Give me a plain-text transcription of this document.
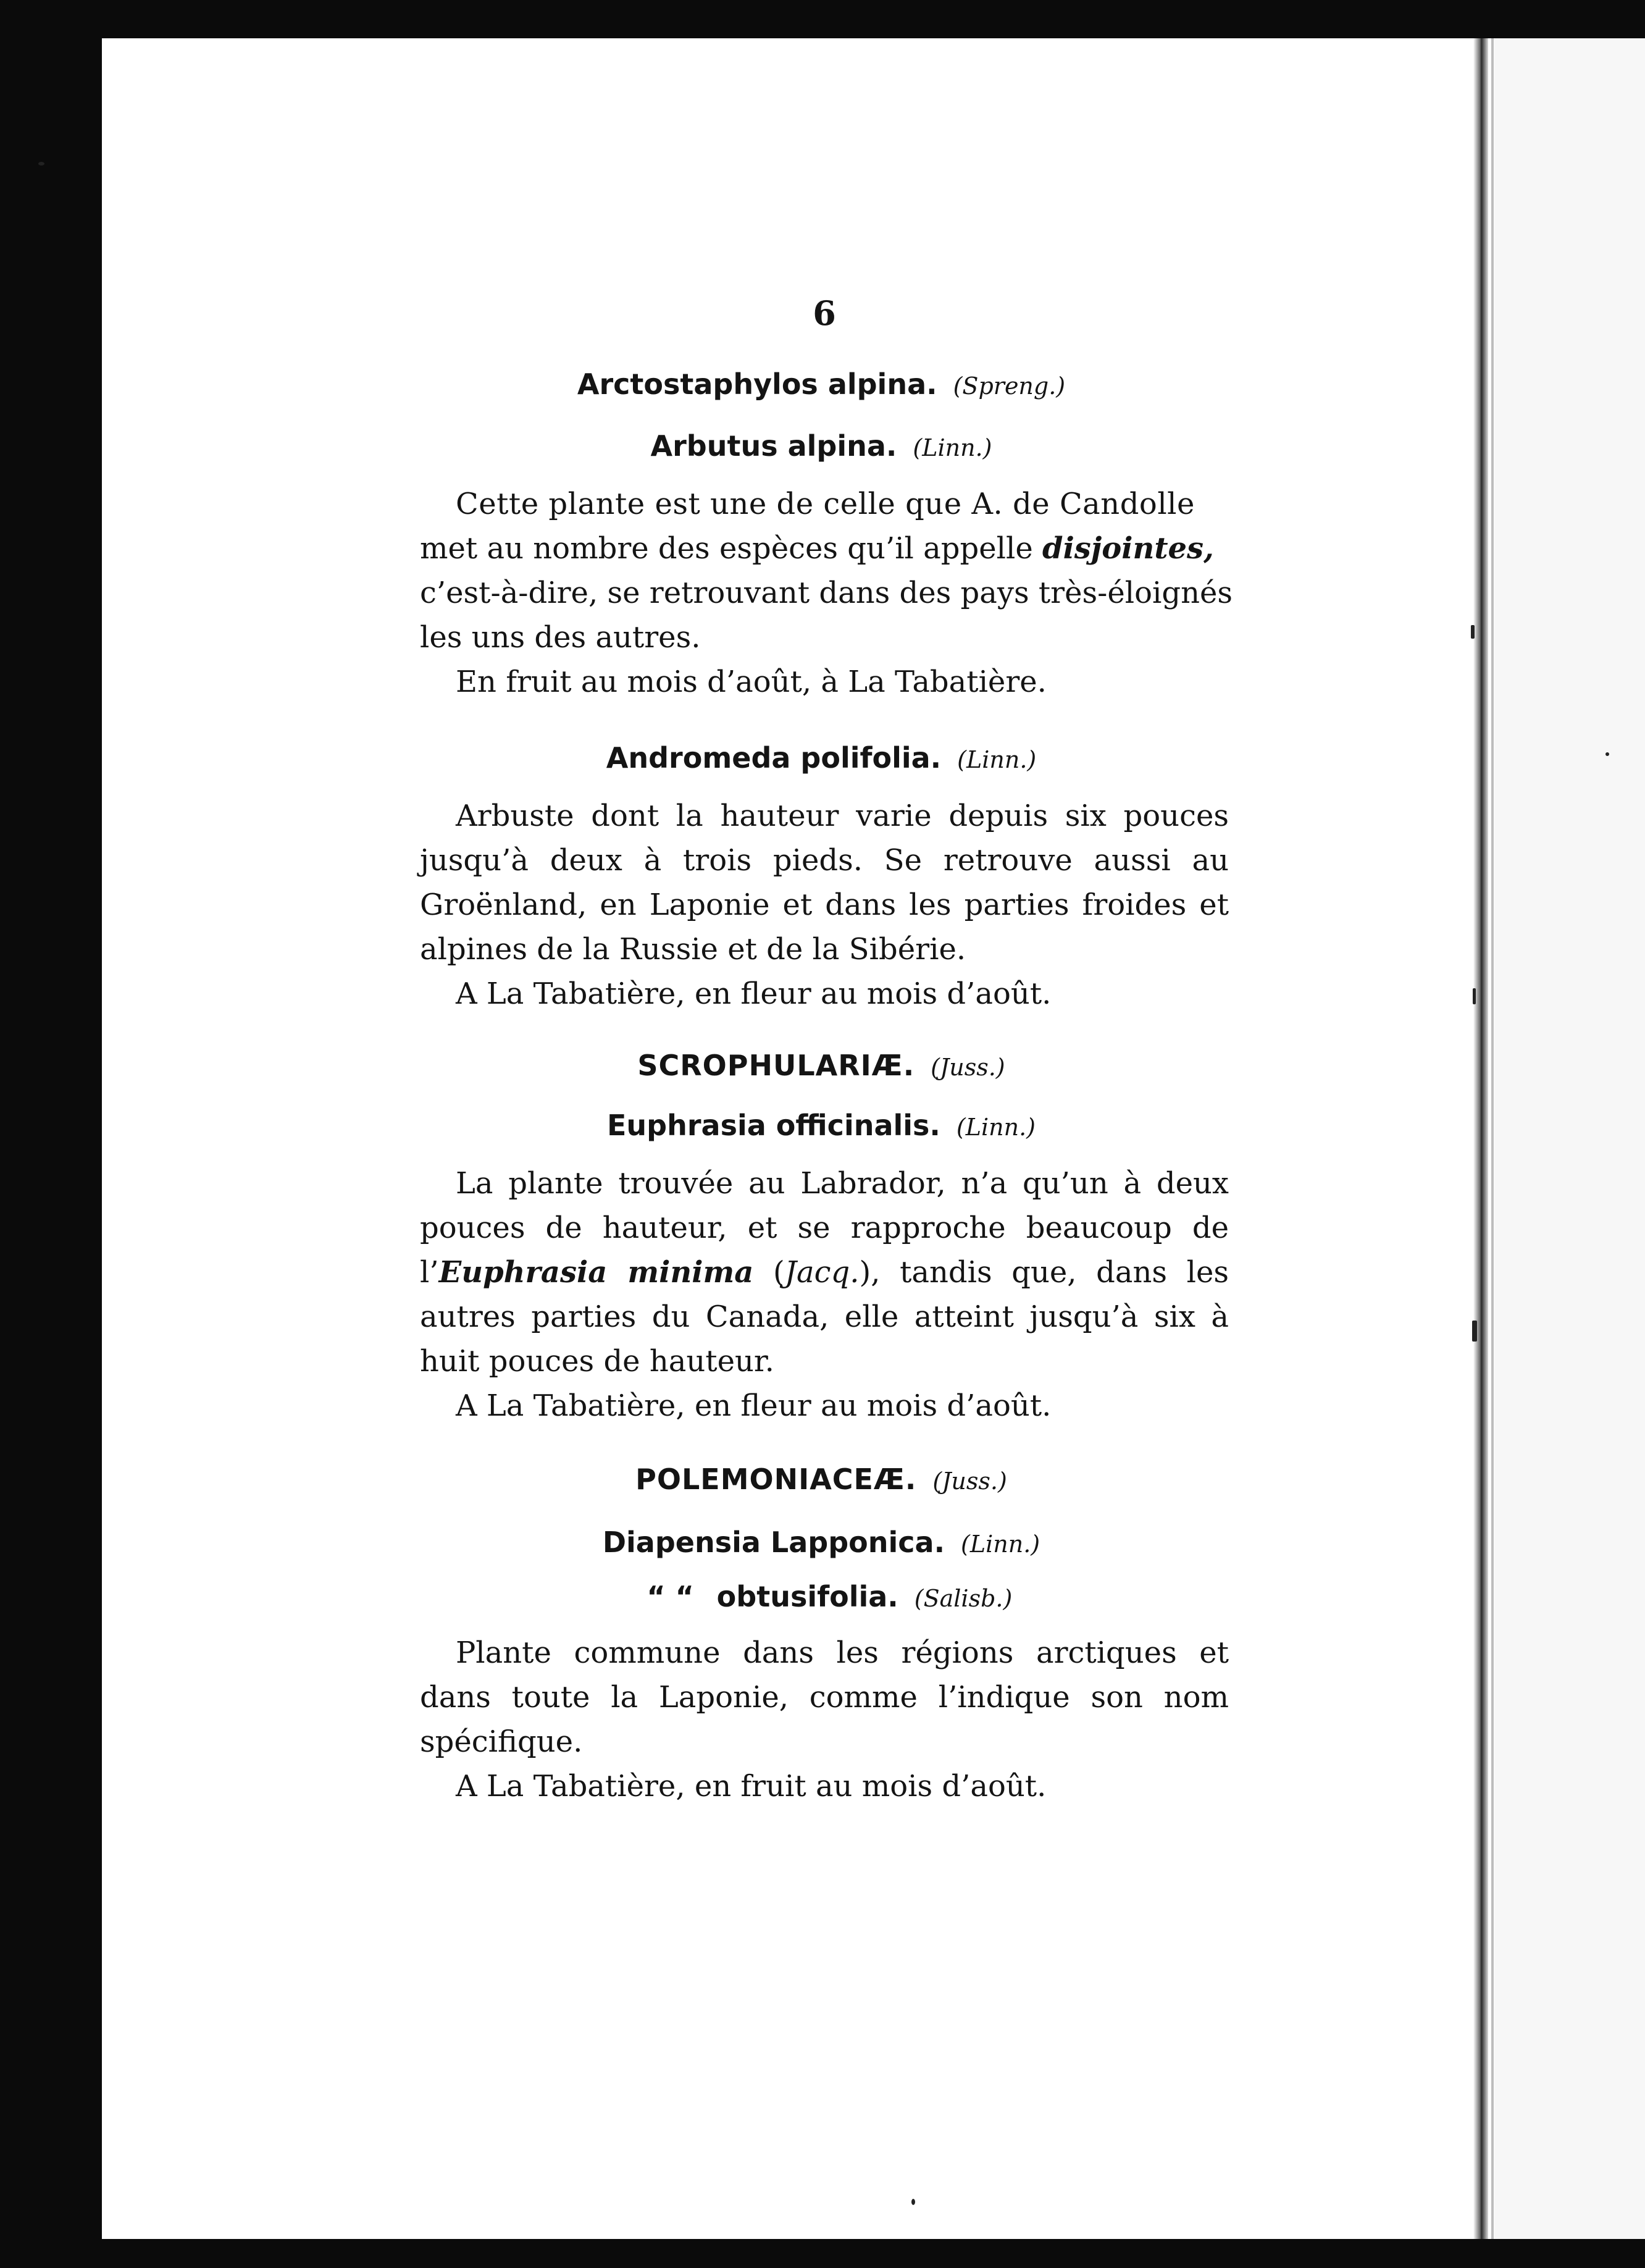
6
Arctostaphylos alpina. (Spreng.)
Arbutus alpina. (Linn.)
Cette plante est une de celle que A. de Candolle
met au nombre des espèces qu’il appelle disjointes,
c’est-à-dire, se retrouvant dans des pays très-éloignés
les uns des autres.
En fruit au mois d’août, à La Tabatière.
Andromeda polifolia. (Linn.)
Arbuste dont la hauteur varie depuis six pouces jusqu’à deux à trois pieds. Se retrouve aussi au Groënland, en Laponie et dans les parties froides et alpines de la Russie et de la Sibérie.
A La Tabatière, en fleur au mois d’août.
SCROPHULARIÆ. (Juss.)
Euphrasia officinalis. (Linn.)
La plante trouvée au Labrador, n’a qu’un à deux pouces de hauteur, et se rapproche beaucoup de l’Euphrasia minima (Jacq.), tandis que, dans les autres parties du Canada, elle atteint jusqu’à six à huit pouces de hauteur.
A La Tabatière, en fleur au mois d’août.
POLEMONIACEÆ. (Juss.)
Diapensia Lapponica. (Linn.)
“ “ obtusifolia. (Salisb.)
Plante commune dans les régions arctiques et dans toute la Laponie, comme l’indique son nom spécifique.
A La Tabatière, en fruit au mois d’août.
